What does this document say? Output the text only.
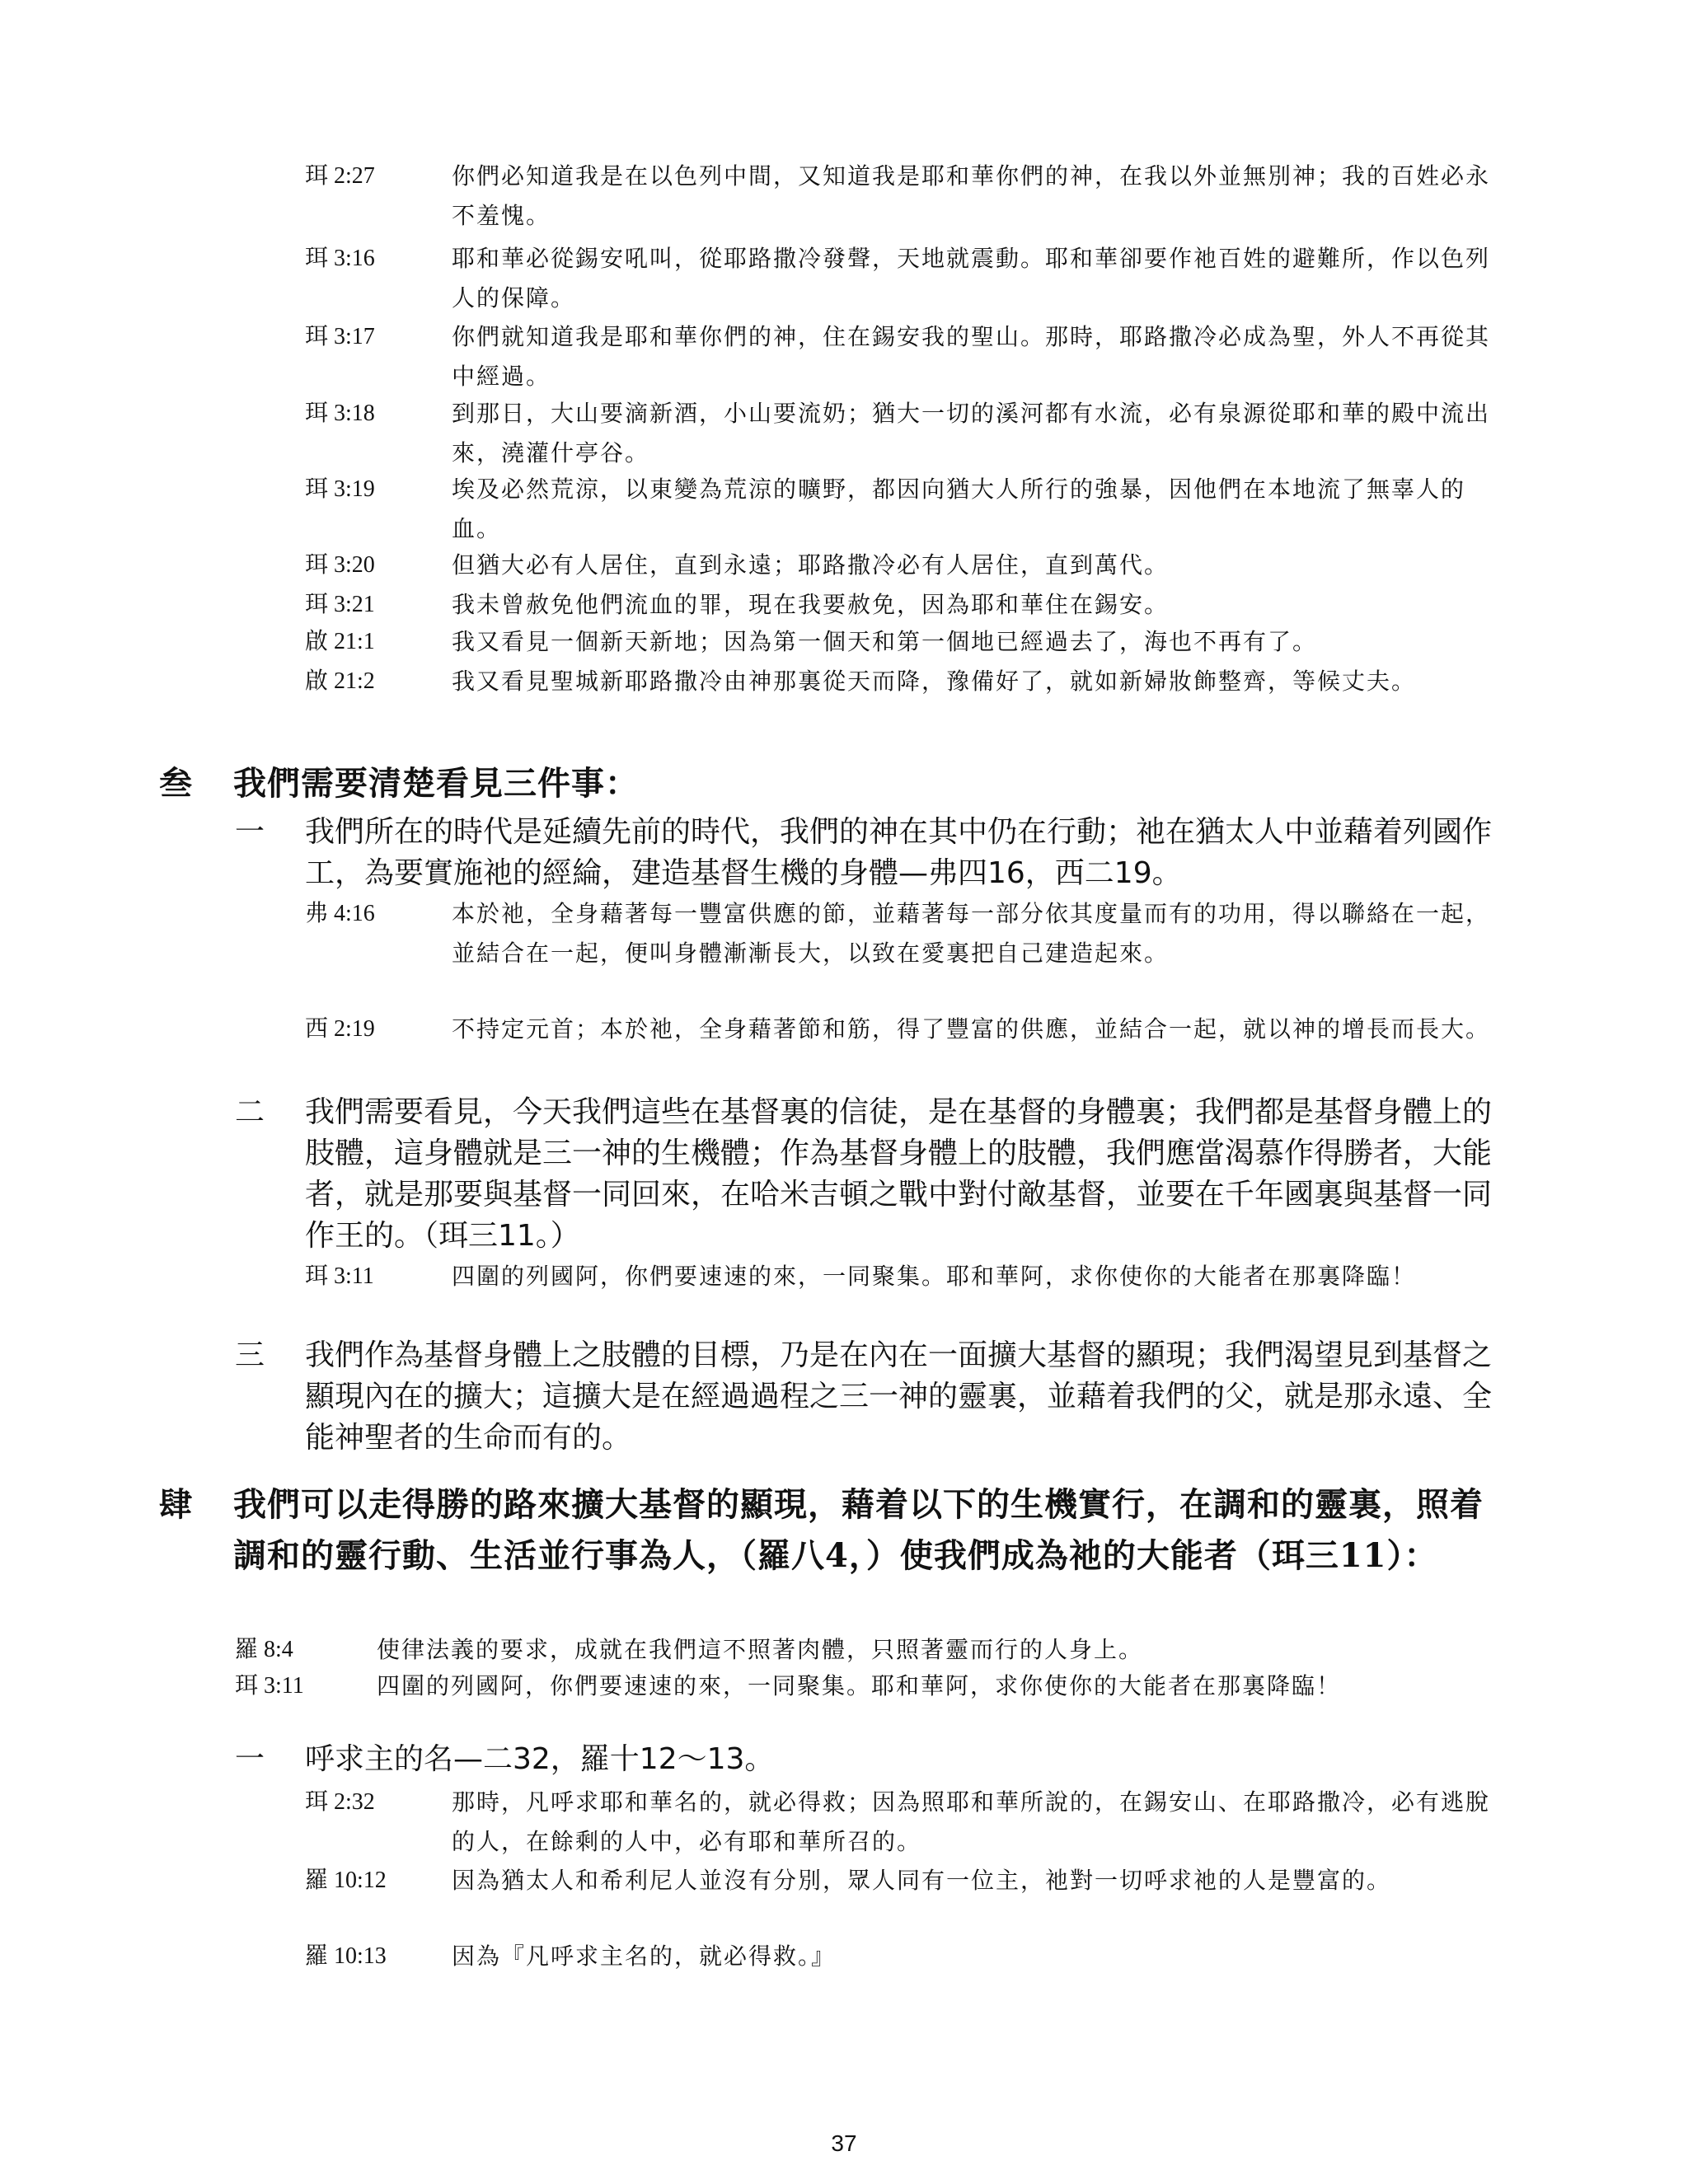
珥 2:27	你們必知道我是在以色列中間，又知道我是耶和華你們的神，在我以外並無別神；我的百姓必永不羞愧。
珥 3:16	耶和華必從錫安吼叫，從耶路撒冷發聲，天地就震動。耶和華卻要作祂百姓的避難所，作以色列人的保障。
珥 3:17	你們就知道我是耶和華你們的神，住在錫安我的聖山。那時，耶路撒冷必成為聖，外人不再從其中經過。
珥 3:18	到那日，大山要滴新酒，小山要流奶；猶大一切的溪河都有水流，必有泉源從耶和華的殿中流出來，澆灌什亭谷。
珥 3:19	埃及必然荒涼，以東變為荒涼的曠野，都因向猶大人所行的強暴，因他們在本地流了無辜人的血。
珥 3:20	但猶大必有人居住，直到永遠；耶路撒冷必有人居住，直到萬代。
珥 3:21	我未曾赦免他們流血的罪，現在我要赦免，因為耶和華住在錫安。
啟 21:1	我又看見一個新天新地；因為第一個天和第一個地已經過去了，海也不再有了。
啟 21:2	我又看見聖城新耶路撒冷由神那裏從天而降，豫備好了，就如新婦妝飾整齊，等候丈夫。
叁 我們需要清楚看見三件事：
一 我們所在的時代是延續先前的時代，我們的神在其中仍在行動；祂在猶太人中並藉着列國作工，為要實施祂的經綸，建造基督生機的身體—弗四16，西二19。
弗 4:16	本於祂，全身藉著每一豐富供應的節，並藉著每一部分依其度量而有的功用，得以聯絡在一起，並結合在一起，便叫身體漸漸長大，以致在愛裏把自己建造起來。
西 2:19	不持定元首；本於祂，全身藉著節和筋，得了豐富的供應，並結合一起，就以神的增長而長大。
二 我們需要看見，今天我們這些在基督裏的信徒，是在基督的身體裏；我們都是基督身體上的肢體，這身體就是三一神的生機體；作為基督身體上的肢體，我們應當渴慕作得勝者，大能者，就是那要與基督一同回來，在哈米吉頓之戰中對付敵基督，並要在千年國裏與基督一同作王的。（珥三11。）
珥 3:11	四圍的列國阿，你們要速速的來，一同聚集。耶和華阿，求你使你的大能者在那裏降臨！
三 我們作為基督身體上之肢體的目標，乃是在內在一面擴大基督的顯現；我們渴望見到基督之顯現內在的擴大；這擴大是在經過過程之三一神的靈裏，並藉着我們的父，就是那永遠、全能神聖者的生命而有的。
肆 我們可以走得勝的路來擴大基督的顯現，藉着以下的生機實行，在調和的靈裏，照着調和的靈行動、生活並行事為人，（羅八4，）使我們成為祂的大能者（珥三11）：
羅 8:4	使律法義的要求，成就在我們這不照著肉體，只照著靈而行的人身上。
珥 3:11	四圍的列國阿，你們要速速的來，一同聚集。耶和華阿，求你使你的大能者在那裏降臨！
一 呼求主的名—二32，羅十12～13。
珥 2:32	那時，凡呼求耶和華名的，就必得救；因為照耶和華所說的，在錫安山、在耶路撒冷，必有逃脫的人，在餘剩的人中，必有耶和華所召的。
羅 10:12	因為猶太人和希利尼人並沒有分別，眾人同有一位主，祂對一切呼求祂的人是豐富的。
羅 10:13	因為『凡呼求主名的，就必得救。』
37
